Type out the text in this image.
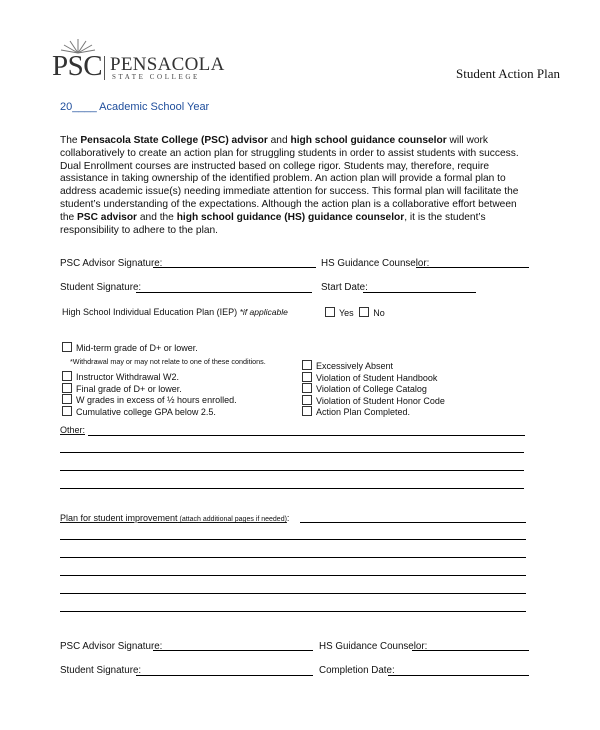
PSC PENSACOLA
STATE COLLEGE	Student Action Plan
20____ Academic School Year
The Pensacola State College (PSC) advisor and high school guidance counselor will work collaboratively to create an action plan for struggling students in order to assist students with success. Dual Enrollment courses are instructed based on college rigor. Students may, therefore, require assistance in taking ownership of the identified problem. An action plan will provide a formal plan to address academic issue(s) needing immediate attention for success. This formal plan will facilitate the student’s understanding of the expectations. Although the action plan is a collaborative effort between the PSC advisor and the high school guidance (HS) guidance counselor, it is the student’s responsibility to adhere to the plan.
PSC Advisor Signature:	HS Guidance Counselor:
Student Signature:	Start Date:
High School Individual Education Plan (IEP) *if applicable	Yes No
Mid-term grade of D+ or lower.
*Withdrawal may or may not relate to one of these conditions.
Instructor Withdrawal W2.
Final grade of D+ or lower.
W grades in excess of ½ hours enrolled.
Cumulative college GPA below 2.5.
Excessively Absent
Violation of Student Handbook
Violation of College Catalog
Violation of Student Honor Code
Action Plan Completed.
Other:
Plan for student improvement (attach additional pages if needed):
PSC Advisor Signature:	HS Guidance Counselor:
Student Signature:	Completion Date:
